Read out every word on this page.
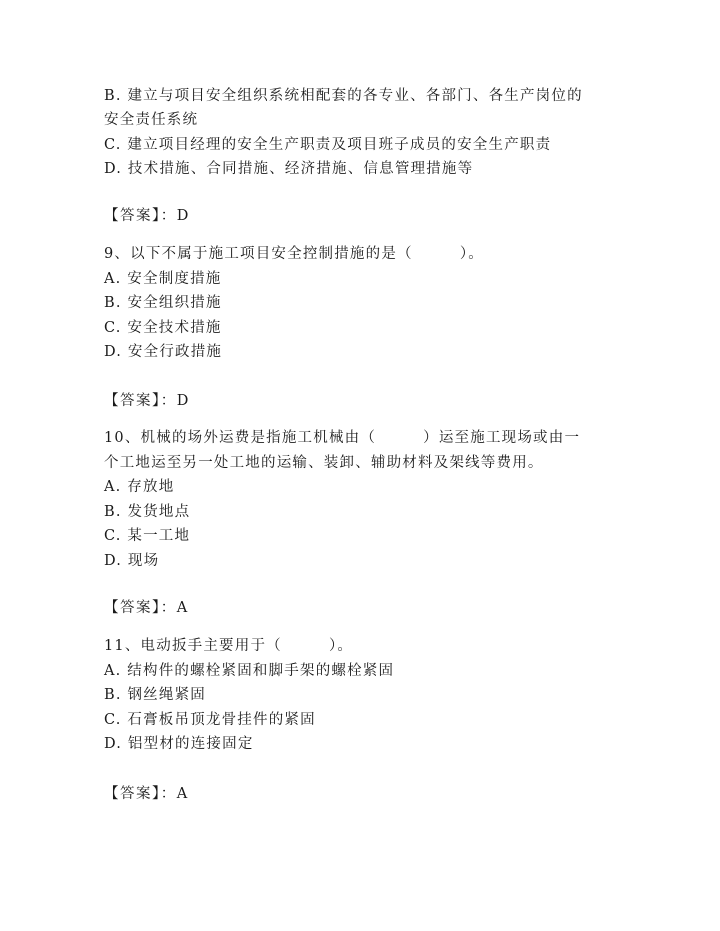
B. 建立与项目安全组织系统相配套的各专业、各部门、各生产岗位的
安全责任系统
C. 建立项目经理的安全生产职责及项目班子成员的安全生产职责
D. 技术措施、合同措施、经济措施、信息管理措施等
【答案】：D
9、以下不属于施工项目安全控制措施的是（　　　）。
A. 安全制度措施
B. 安全组织措施
C. 安全技术措施
D. 安全行政措施
【答案】：D
10、机械的场外运费是指施工机械由（　　　）运至施工现场或由一
个工地运至另一处工地的运输、装卸、辅助材料及架线等费用。
A. 存放地
B. 发货地点
C. 某一工地
D. 现场
【答案】：A
11、电动扳手主要用于（　　　）。
A. 结构件的螺栓紧固和脚手架的螺栓紧固
B. 钢丝绳紧固
C. 石膏板吊顶龙骨挂件的紧固
D. 铝型材的连接固定
【答案】：A
